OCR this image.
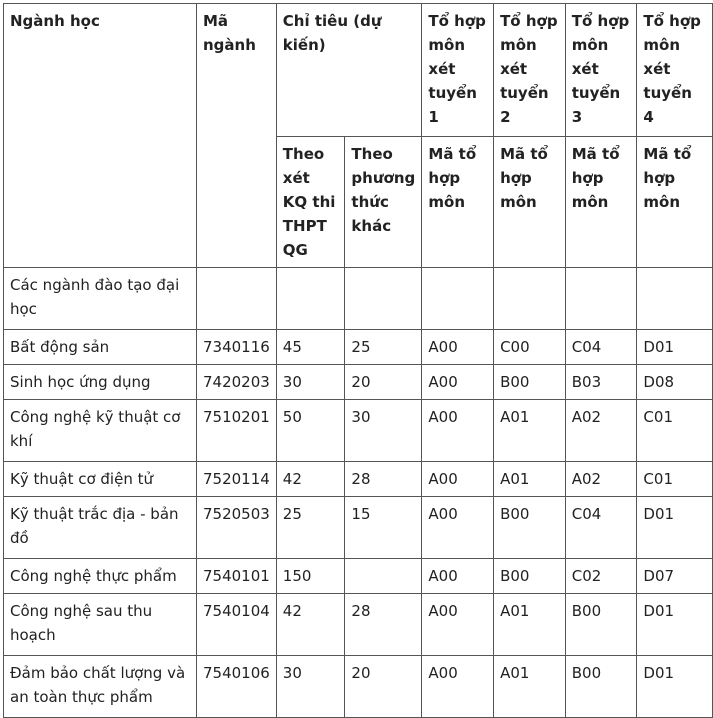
Ngành học	Mã ngành	Chỉ tiêu (dự kiến)		Tổ hợp môn xét tuyển 1	Tổ hợp môn xét tuyển 2	Tổ hợp môn xét tuyển 3	Tổ hợp môn xét tuyển 4
		Theo xét KQ thi THPT QG	Theo phương thức khác	Mã tổ hợp môn	Mã tổ hợp môn	Mã tổ hợp môn	Mã tổ hợp môn
Các ngành đào tạo đại học							
Bất động sản	7340116	45	25	A00	C00	C04	D01
Sinh học ứng dụng	7420203	30	20	A00	B00	B03	D08
Công nghệ kỹ thuật cơ khí	7510201	50	30	A00	A01	A02	C01
Kỹ thuật cơ điện tử	7520114	42	28	A00	A01	A02	C01
Kỹ thuật trắc địa - bản đồ	7520503	25	15	A00	B00	C04	D01
Công nghệ thực phẩm	7540101	150		A00	B00	C02	D07
Công nghệ sau thu hoạch	7540104	42	28	A00	A01	B00	D01
Đảm bảo chất lượng và an toàn thực phẩm	7540106	30	20	A00	A01	B00	D01
